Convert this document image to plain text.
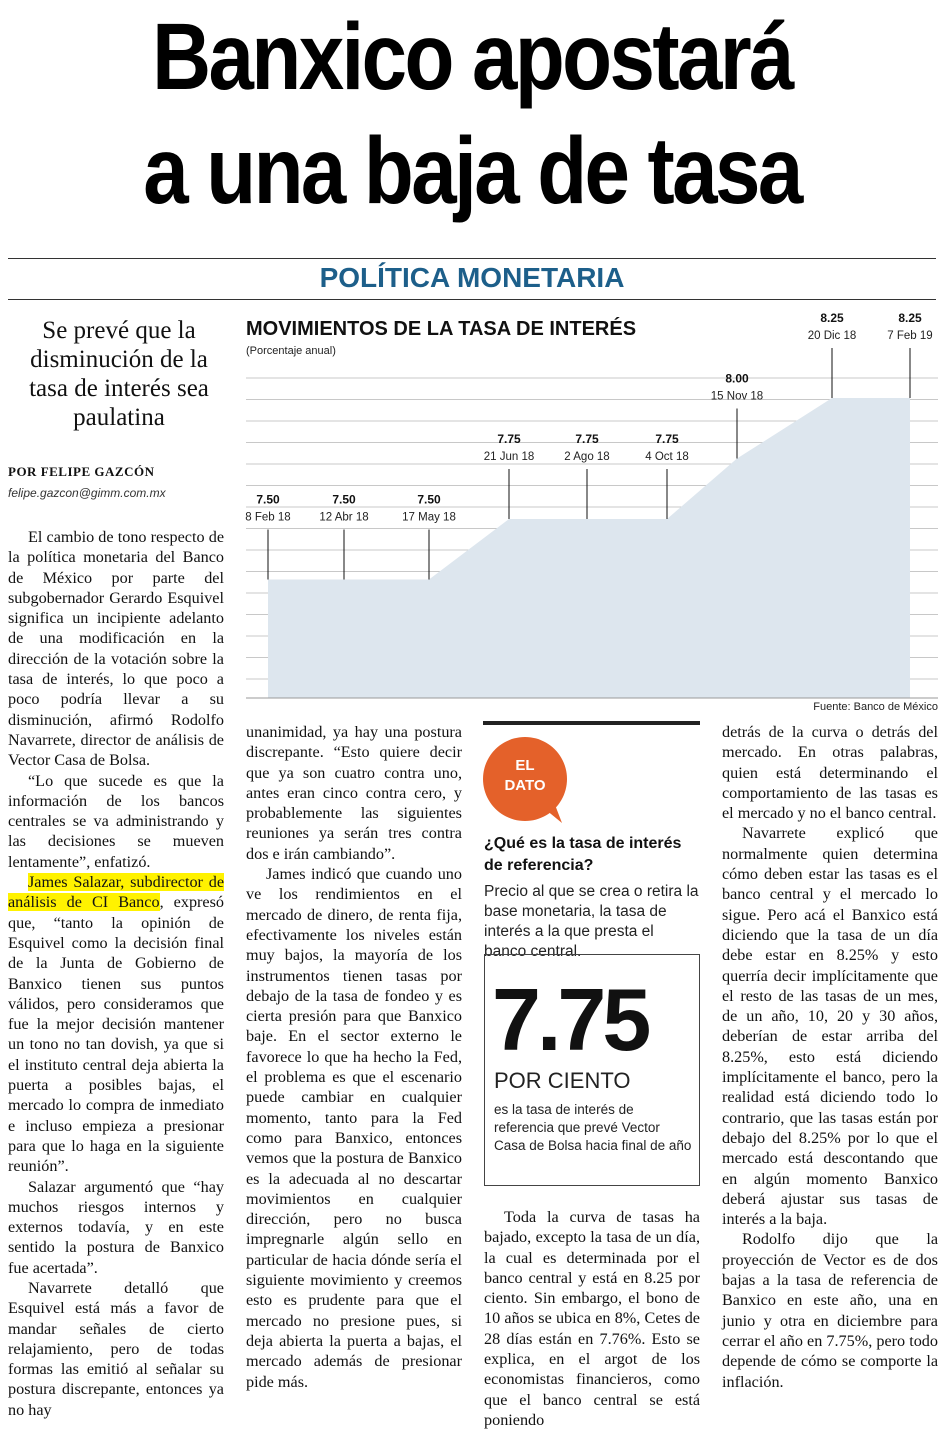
Banxico apostará
a una baja de tasa
POLÍTICA MONETARIA
Se prevé que la disminución de la tasa de interés sea paulatina
POR FELIPE GAZCÓN
felipe.gazcon@gimm.com.mx

El cambio de tono respecto de la política monetaria del Banco de México por parte del subgobernador Gerardo Esquivel significa un incipiente adelanto de una modificación en la dirección de la votación sobre la tasa de interés, lo que poco a poco podría llevar a su disminución, afirmó Rodolfo Navarrete, director de análisis de Vector Casa de Bolsa.

“Lo que sucede es que la información de los bancos centrales se va administrando y las decisiones se mueven lentamente”, enfatizó.

James Salazar, subdirector de análisis de CI Banco, expresó que, “tanto la opinión de Esquivel como la decisión final de la Junta de Gobierno de Banxico tienen sus puntos válidos, pero consideramos que fue la mejor decisión mantener un tono no tan dovish, ya que si el instituto central deja abierta la puerta a posibles bajas, el mercado lo compra de inmediato e incluso empieza a presionar para que lo haga en la siguiente reunión”.

Salazar argumentó que “hay muchos riesgos internos y externos todavía, y en este sentido la postura de Banxico fue acertada”.

Navarrete detalló que Esquivel está más a favor de mandar señales de cierto relajamiento, pero de todas formas las emitió al señalar su postura discrepante, entonces ya no hay

unanimidad, ya hay una postura discrepante. “Esto quiere decir que ya son cuatro contra uno, antes eran cinco contra cero, y probablemente las siguientes reuniones ya serán tres contra dos e irán cambiando”.

James indicó que cuando uno ve los rendimientos en el mercado de dinero, de renta fija, efectivamente los niveles están muy bajos, la mayoría de los instrumentos tienen tasas por debajo de la tasa de fondeo y es cierta presión para que Banxico baje. En el sector externo le favorece lo que ha hecho la Fed, el problema es que el escenario puede cambiar en cualquier momento, tanto para la Fed como para Banxico, entonces vemos que la postura de Banxico es la adecuada al no descartar movimientos en cualquier dirección, pero no busca impregnarle algún sello en particular de hacia dónde sería el siguiente movimiento y creemos esto es prudente para que el mercado no presione pues, si deja abierta la puerta a bajas, el mercado además de presionar pide más.

MOVIMIENTOS DE LA TASA DE INTERÉS
(Porcentaje anual)
7.50
8 Feb 18
7.50
12 Abr 18
7.50
17 May 18
7.75
21 Jun 18
7.75
2 Ago 18
7.75
4 Oct 18
8.00
15 Nov 18
8.25
20 Dic 18
8.25
7 Feb 19
Fuente: Banco de México
EL DATO
¿Qué es la tasa de interés de referencia?
Precio al que se crea o retira la base monetaria, la tasa de interés a la que presta el banco central.
7.75
POR CIENTO
es la tasa de interés de referencia que prevé Vector Casa de Bolsa hacia final de año

Toda la curva de tasas ha bajado, excepto la tasa de un día, la cual es determinada por el banco central y está en 8.25 por ciento. Sin embargo, el bono de 10 años se ubica en 8%, Cetes de 28 días están en 7.76%. Esto se explica, en el argot de los economistas financieros, como que el banco central se está poniendo

detrás de la curva o detrás del mercado. En otras palabras, quien está determinando el comportamiento de las tasas es el mercado y no el banco central.

Navarrete explicó que normalmente quien determina cómo deben estar las tasas es el banco central y el mercado lo sigue. Pero acá el Banxico está diciendo que la tasa de un día debe estar en 8.25% y esto querría decir implícitamente que el resto de las tasas de un mes, de un año, 10, 20 y 30 años, deberían de estar arriba del 8.25%, esto está diciendo implícitamente el banco, pero la realidad está diciendo todo lo contrario, que las tasas están por debajo del 8.25% por lo que el mercado está descontando que en algún momento Banxico deberá ajustar sus tasas de interés a la baja.

Rodolfo dijo que la proyección de Vector es de dos bajas a la tasa de referencia de Banxico en este año, una en junio y otra en diciembre para cerrar el año en 7.75%, pero todo depende de cómo se comporte la inflación.
